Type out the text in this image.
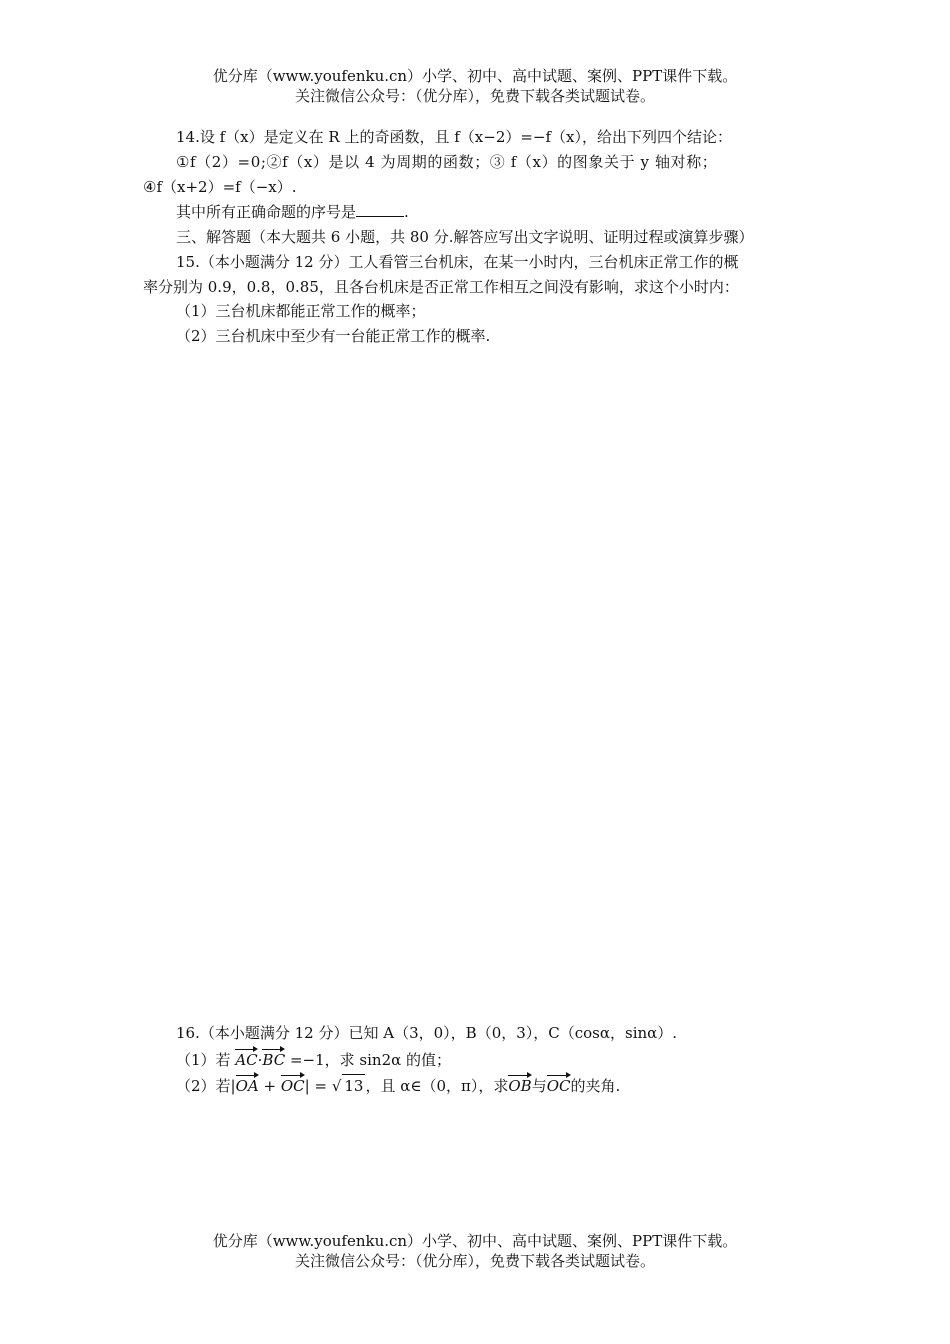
优分库（www.youfenku.cn）小学、初中、高中试题、案例、PPT课件下载。
关注微信公众号：（优分库），免费下载各类试题试卷。
14.设 f（x）是定义在 R 上的奇函数，且 f（x−2）=−f（x），给出下列四个结论：
①f（2）=0;②f（x）是以 4 为周期的函数；③ f（x）的图象关于 y 轴对称；
④f（x+2）=f（−x）.
其中所有正确命题的序号是	.
三、解答题（本大题共 6 小题，共 80 分.解答应写出文字说明、证明过程或演算步骤）
15.（本小题满分 12 分）工人看管三台机床，在某一小时内，三台机床正常工作的概
率分别为 0.9，0.8，0.85，且各台机床是否正常工作相互之间没有影响，求这个小时内：
（1）三台机床都能正常工作的概率；
（2）三台机床中至少有一台能正常工作的概率.
16.（本小题满分 12 分）已知 A（3，0），B（0，3），C（cosα，sinα）.
（1）若 AC·BC =−1，求 sin2α 的值；
（2）若|OA + OC| = √ 13 ，且 α∈（0，π），求OB与OC的夹角.
优分库（www.youfenku.cn）小学、初中、高中试题、案例、PPT课件下载。
关注微信公众号：（优分库），免费下载各类试题试卷。
